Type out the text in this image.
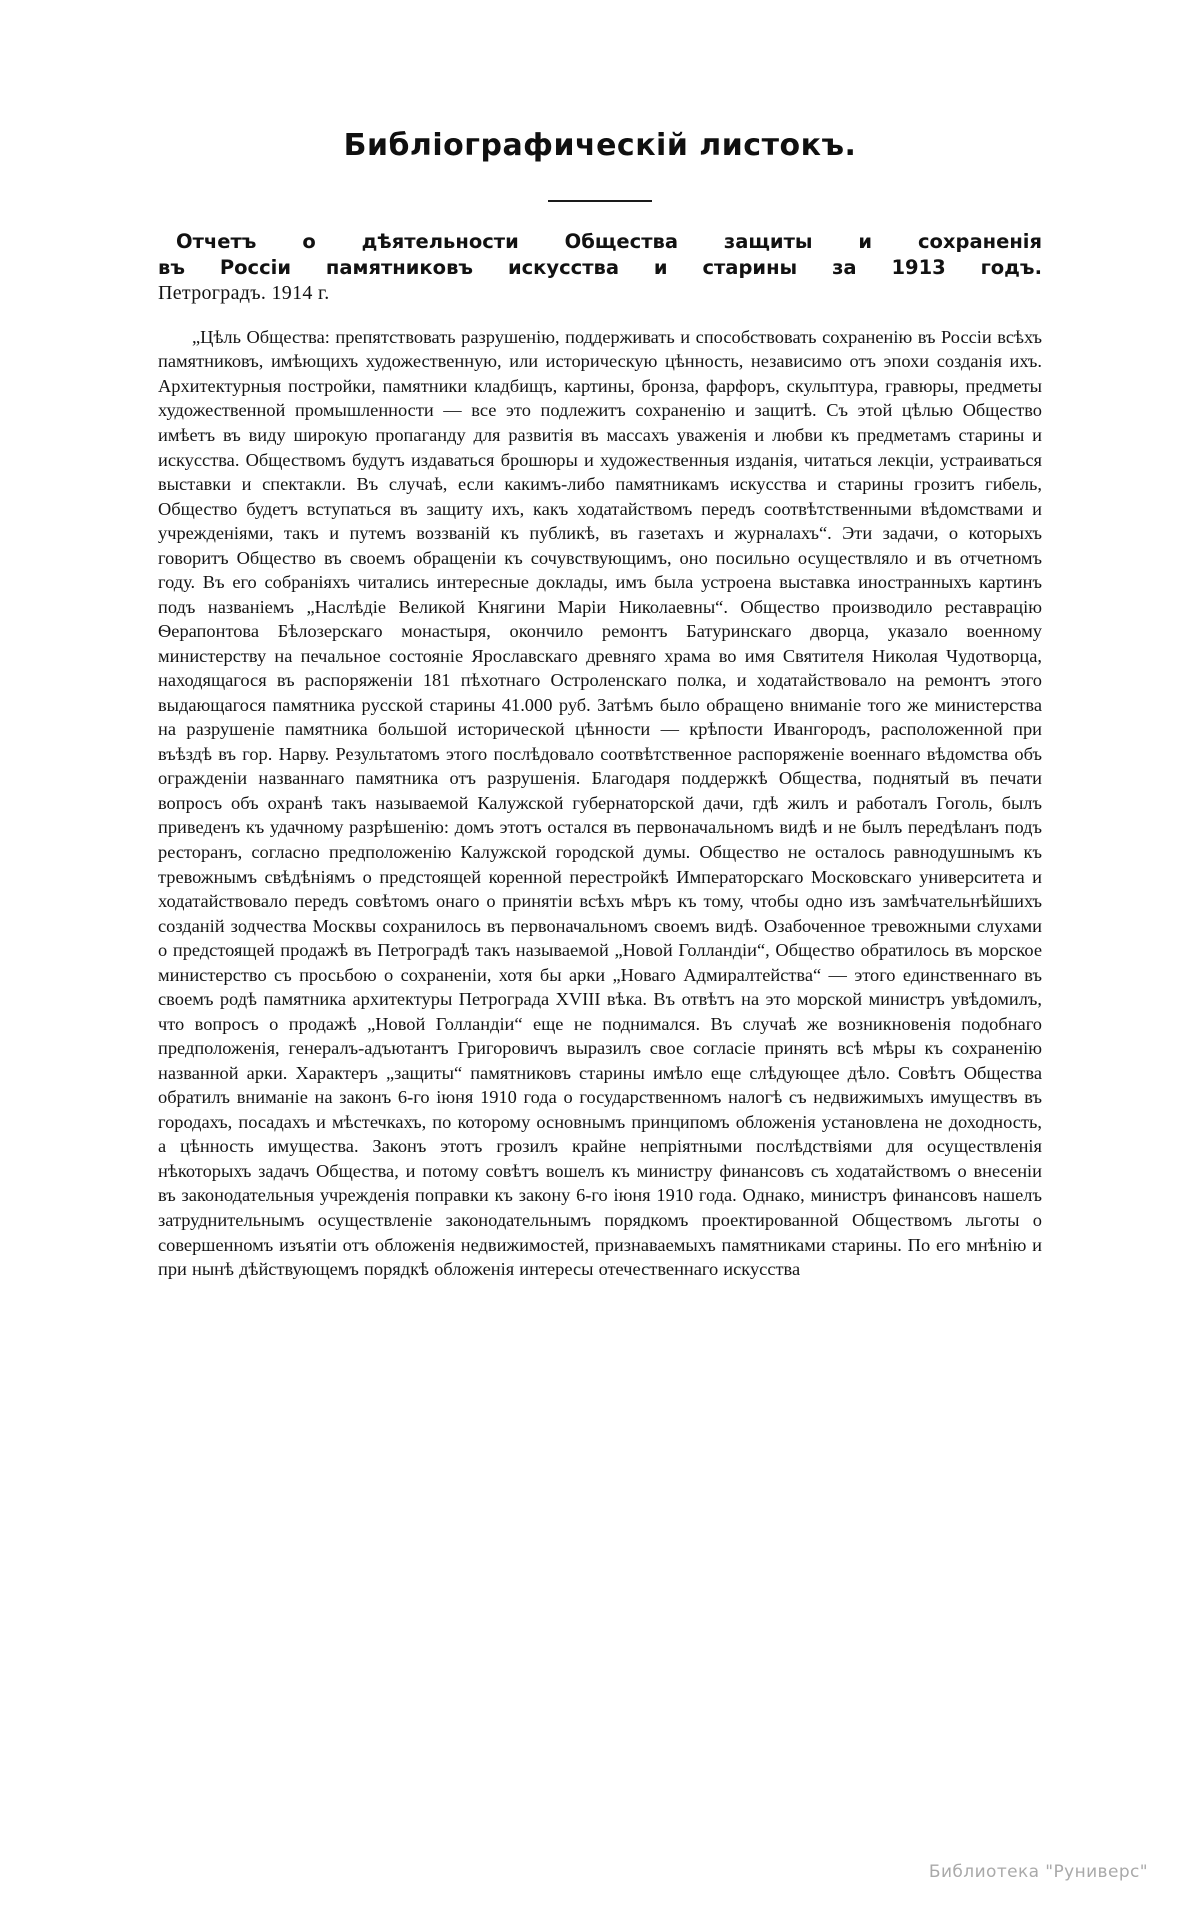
Библіографическій листокъ.
Отчетъ о дѣятельности Общества защиты и сохраненія
въ Россіи памятниковъ искусства и старины за 1913 годъ.
Петроградъ. 1914 г.

„Цѣль Общества: препятствовать разрушенію, поддерживать и способствовать сохраненію въ Россіи всѣхъ памятниковъ, имѣющихъ художественную, или историческую цѣнность, независимо отъ эпохи созданія ихъ. Архитектурныя постройки, памятники кладбищъ, картины, бронза, фарфоръ, скульптура, гравюры, предметы художественной промышленности — все это подлежитъ сохраненію и защитѣ. Съ этой цѣлью Общество имѣетъ въ виду широкую пропаганду для развитія въ массахъ уваженія и любви къ предметамъ старины и искусства. Обществомъ будутъ издаваться брошюры и художественныя изданія, читаться лекціи, устраиваться выставки и спектакли. Въ случаѣ, если какимъ-либо памятникамъ искусства и старины грозитъ гибель, Общество будетъ вступаться въ защиту ихъ, какъ ходатайствомъ передъ соотвѣтственными вѣдомствами и учрежденіями, такъ и путемъ воззваній къ публикѣ, въ газетахъ и журналахъ“. Эти задачи, о которыхъ говоритъ Общество въ своемъ обращеніи къ сочувствующимъ, оно посильно осуществляло и въ отчетномъ году. Въ его собраніяхъ читались интересные доклады, имъ была устроена выставка иностранныхъ картинъ подъ названіемъ „Наслѣдіе Великой Княгини Маріи Николаевны“. Общество производило реставрацію Ѳерапонтова Бѣлозерскаго монастыря, окончило ремонтъ Батуринскаго дворца, указало военному министерству на печальное состояніе Ярославскаго древняго храма во имя Святителя Николая Чудотворца, находящагося въ распоряженіи 181 пѣхотнаго Остроленскаго полка, и ходатайствовало на ремонтъ этого выдающагося памятника русской старины 41.000 руб. Затѣмъ было обращено вниманіе того же министерства на разрушеніе памятника большой исторической цѣнности — крѣпости Ивангородъ, расположенной при въѣздѣ въ гор. Нарву. Результатомъ этого послѣдовало соотвѣтственное распоряженіе военнаго вѣдомства объ огражденіи названнаго памятника отъ разрушенія. Благодаря поддержкѣ Общества, поднятый въ печати вопросъ объ охранѣ такъ называемой Калужской губернаторской дачи, гдѣ жилъ и работалъ Гоголь, былъ приведенъ къ удачному разрѣшенію: домъ этотъ остался въ первоначальномъ видѣ и не былъ передѣланъ подъ ресторанъ, согласно предположенію Калужской городской думы. Общество не осталось равнодушнымъ къ тревожнымъ свѣдѣніямъ о предстоящей коренной перестройкѣ Императорскаго Московскаго университета и ходатайствовало передъ совѣтомъ онаго о принятіи всѣхъ мѣръ къ тому, чтобы одно изъ замѣчательнѣйшихъ созданій зодчества Москвы сохранилось въ первоначальномъ своемъ видѣ. Озабоченное тревожными слухами о предстоящей продажѣ въ Петроградѣ такъ называемой „Новой Голландіи“, Общество обратилось въ морское министерство съ просьбою о сохраненіи, хотя бы арки „Новаго Адмиралтейства“ — этого единственнаго въ своемъ родѣ памятника архитектуры Петрограда XVIII вѣка. Въ отвѣтъ на это морской министръ увѣдомилъ, что вопросъ о продажѣ „Новой Голландіи“ еще не поднимался. Въ случаѣ же возникновенія подобнаго предположенія, генералъ-адъютантъ Григоровичъ выразилъ свое согласіе принять всѣ мѣры къ сохраненію названной арки. Характеръ „защиты“ памятниковъ старины имѣло еще слѣдующее дѣло. Совѣтъ Общества обратилъ вниманіе на законъ 6-го іюня 1910 года о государственномъ налогѣ съ недвижимыхъ имуществъ въ городахъ, посадахъ и мѣстечкахъ, по которому основнымъ принципомъ обложенія установлена не доходность, а цѣнность имущества. Законъ этотъ грозилъ крайне непріятными послѣдствіями для осуществленія нѣкоторыхъ задачъ Общества, и потому совѣтъ вошелъ къ министру финансовъ съ ходатайствомъ о внесеніи въ законодательныя учрежденія поправки къ закону 6-го іюня 1910 года. Однако, министръ финансовъ нашелъ затруднительнымъ осуществленіе законодательнымъ порядкомъ проектированной Обществомъ льготы о совершенномъ изъятіи отъ обложенія недвижимостей, признаваемыхъ памятниками старины. По его мнѣнію и при нынѣ дѣйствующемъ порядкѣ обложенія интересы отечественнаго искусства

Библиотека "Руниверс"
